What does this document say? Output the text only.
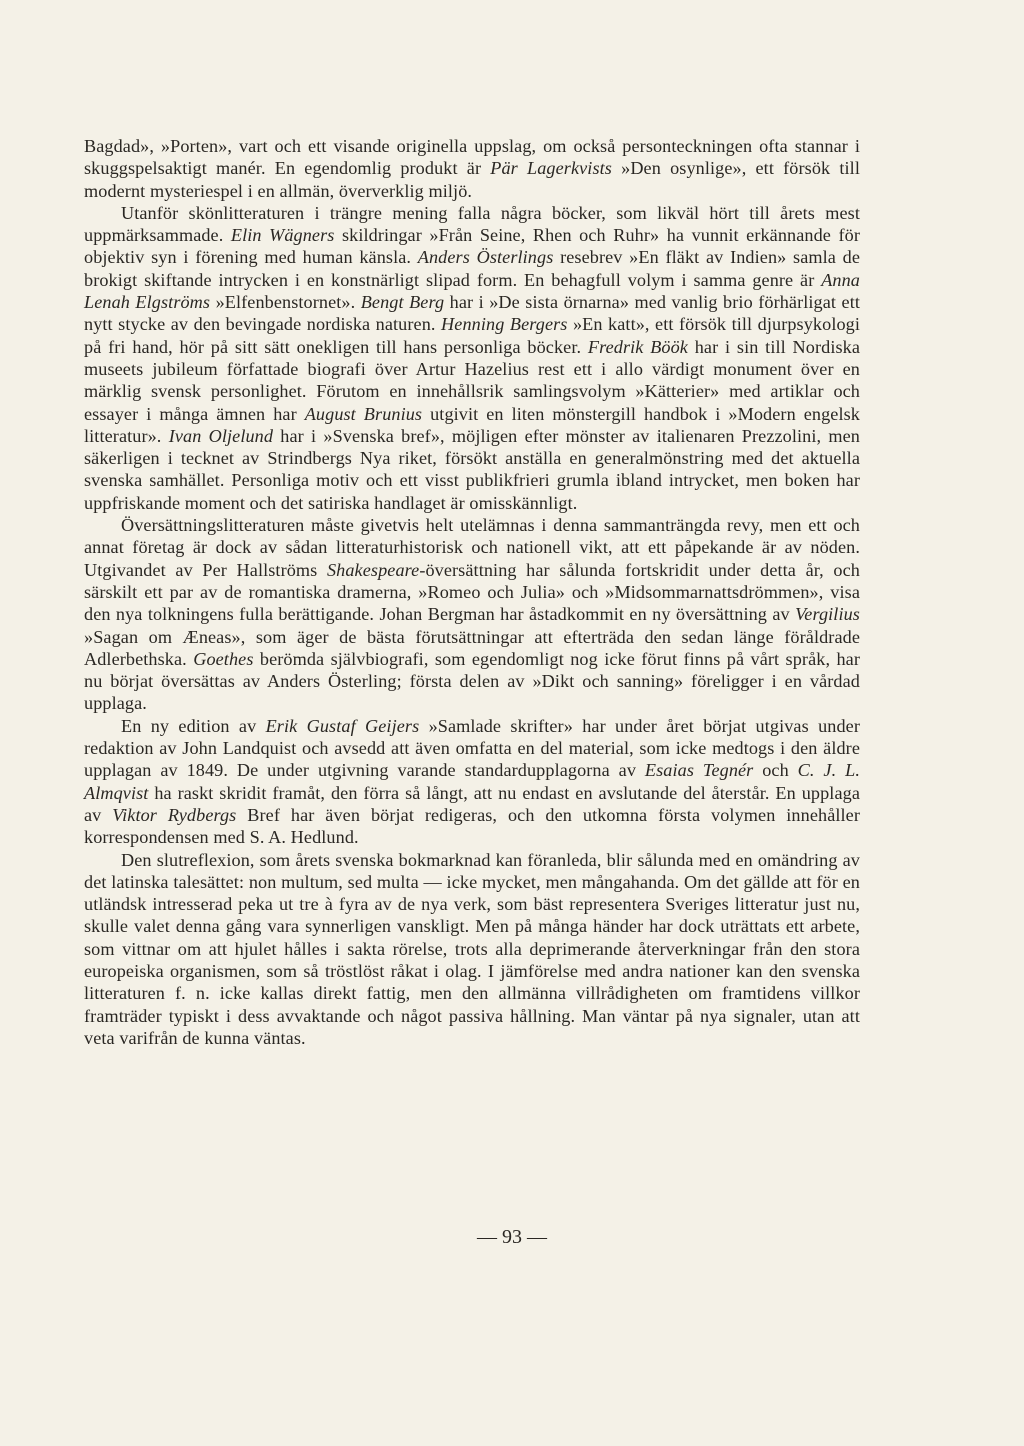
Bagdad», »Porten», vart och ett visande originella uppslag, om också personteckningen ofta stannar i skuggspelsaktigt manér. En egendomlig produkt är Pär Lagerkvists »Den osynlige», ett försök till modernt mysteriespel i en allmän, öververklig miljö.

Utanför skönlitteraturen i trängre mening falla några böcker, som likväl hört till årets mest uppmärksammade. Elin Wägners skildringar »Från Seine, Rhen och Ruhr» ha vunnit erkännande för objektiv syn i förening med human känsla. Anders Österlings resebrev »En fläkt av Indien» samla de brokigt skiftande intrycken i en konstnärligt slipad form. En behagfull volym i samma genre är Anna Lenah Elgströms »Elfenbenstornet». Bengt Berg har i »De sista örnarna» med vanlig brio förhärligat ett nytt stycke av den bevingade nordiska naturen. Henning Bergers »En katt», ett försök till djurpsykologi på fri hand, hör på sitt sätt onekligen till hans personliga böcker. Fredrik Böök har i sin till Nordiska museets jubileum författade biografi över Artur Hazelius rest ett i allo värdigt monument över en märklig svensk personlighet. Förutom en innehållsrik samlingsvolym »Kätterier» med artiklar och essayer i många ämnen har August Brunius utgivit en liten mönstergill handbok i »Modern engelsk litteratur». Ivan Oljelund har i »Svenska bref», möjligen efter mönster av italienaren Prezzolini, men säkerligen i tecknet av Strindbergs Nya riket, försökt anställa en generalmönstring med det aktuella svenska samhället. Personliga motiv och ett visst publikfrieri grumla ibland intrycket, men boken har uppfriskande moment och det satiriska handlaget är omisskännligt.

Översättningslitteraturen måste givetvis helt utelämnas i denna sammanträngda revy, men ett och annat företag är dock av sådan litteraturhistorisk och nationell vikt, att ett påpekande är av nöden. Utgivandet av Per Hallströms Shakespeare-översättning har sålunda fortskridit under detta år, och särskilt ett par av de romantiska dramerna, »Romeo och Julia» och »Midsommarnattsdrömmen», visa den nya tolkningens fulla berättigande. Johan Bergman har åstadkommit en ny översättning av Vergilius »Sagan om Æneas», som äger de bästa förutsättningar att efterträda den sedan länge föråldrade Adlerbethska. Goethes berömda självbiografi, som egendomligt nog icke förut finns på vårt språk, har nu börjat översättas av Anders Österling; första delen av »Dikt och sanning» föreligger i en vårdad upplaga.

En ny edition av Erik Gustaf Geijers »Samlade skrifter» har under året börjat utgivas under redaktion av John Landquist och avsedd att även omfatta en del material, som icke medtogs i den äldre upplagan av 1849. De under utgivning varande standardupplagorna av Esaias Tegnér och C. J. L. Almqvist ha raskt skridit framåt, den förra så långt, att nu endast en avslutande del återstår. En upplaga av Viktor Rydbergs Bref har även börjat redigeras, och den utkomna första volymen innehåller korrespondensen med S. A. Hedlund.

Den slutreflexion, som årets svenska bokmarknad kan föranleda, blir sålunda med en omändring av det latinska talesättet: non multum, sed multa — icke mycket, men mångahanda. Om det gällde att för en utländsk intresserad peka ut tre à fyra av de nya verk, som bäst representera Sveriges litteratur just nu, skulle valet denna gång vara synnerligen vanskligt. Men på många händer har dock uträttats ett arbete, som vittnar om att hjulet hålles i sakta rörelse, trots alla deprimerande återverkningar från den stora europeiska organismen, som så tröstlöst råkat i olag. I jämförelse med andra nationer kan den svenska litteraturen f. n. icke kallas direkt fattig, men den allmänna villrådigheten om framtidens villkor framträder typiskt i dess avvaktande och något passiva hållning. Man väntar på nya signaler, utan att veta varifrån de kunna väntas.

— 93 —
